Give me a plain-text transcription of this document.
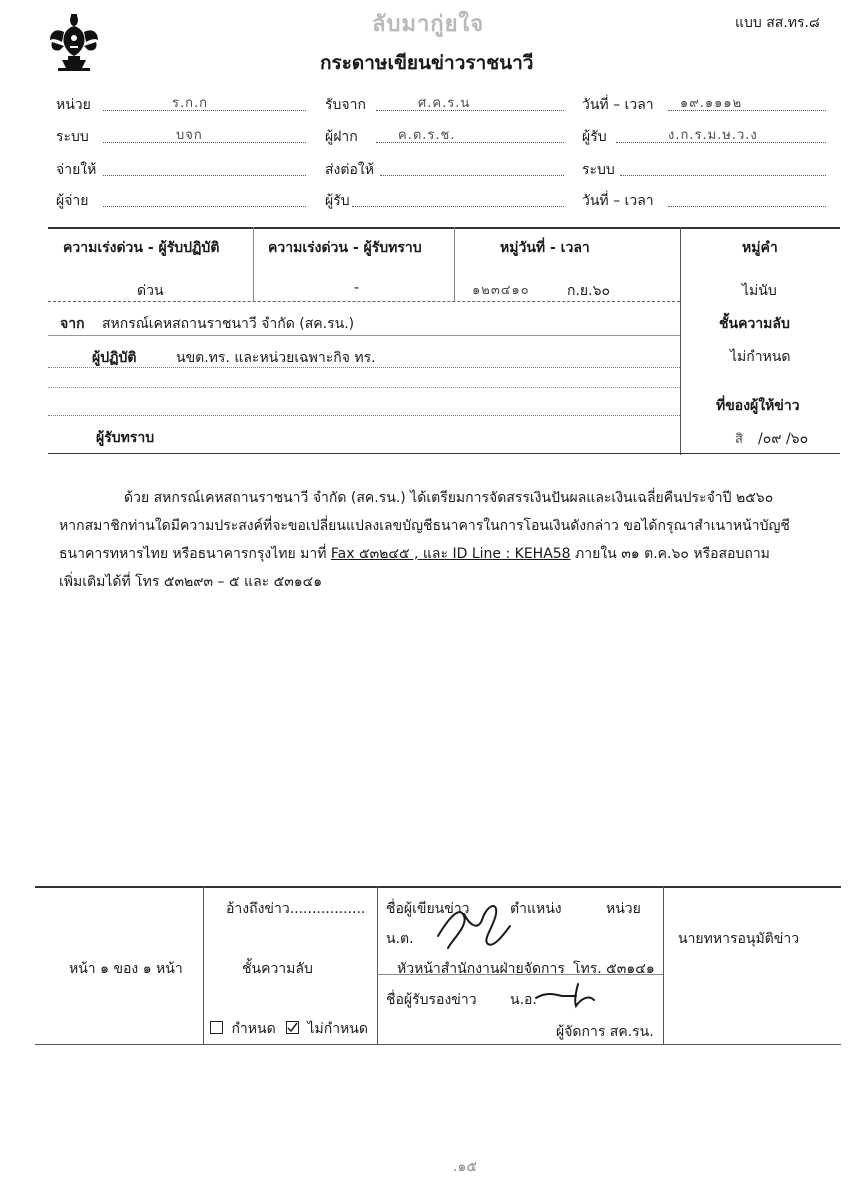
ลับมากู่ยใจ	แบบ สส.ทร.๘
กระดาษเขียนข่าวราชนาวี
หน่วย	ร.ก.ก	รับจาก	ศ.ค.ร.น	วันที่ – เวลา ๑๙.๑๑๑๒
ระบบ	บจก	ผู้ฝาก	ค.ต.ร.ช.	ผู้รับ	ง.ก.ร.ม.ษ.ว.ง
จ่ายให้	ส่งต่อให้	ระบบ
ผู้จ่าย	ผู้รับ	วันที่ – เวลา
ความเร่งด่วน - ผู้รับปฏิบัติ	ความเร่งด่วน - ผู้รับทราบ	หมู่วันที่ - เวลา	หมู่คำ
ด่วน	-	๑๒๓๔๑๐	ก.ย.๖๐	ไม่นับ
จาก สหกรณ์เคหสถานราชนาวี จำกัด (สค.รน.)
ผู้ปฏิบัติ	นขต.ทร. และหน่วยเฉพาะกิจ ทร.
ผู้รับทราบ
ชั้นความลับ
ไม่กำหนด
ที่ของผู้ให้ข่าว
สิ /๐๙ /๖๐
ด้วย สหกรณ์เคหสถานราชนาวี จำกัด (สค.รน.) ได้เตรียมการจัดสรรเงินปันผลและเงินเฉลี่ยคืนประจำปี ๒๕๖๐
หากสมาชิกท่านใดมีความประสงค์ที่จะขอเปลี่ยนแปลงเลขบัญชีธนาคารในการโอนเงินดังกล่าว ขอได้กรุณาสำเนาหน้าบัญชี
ธนาคารทหารไทย หรือธนาคารกรุงไทย มาที่ Fax ๕๓๒๔๕ , และ ID Line : KEHA58 ภายใน ๓๑ ต.ค.๖๐ หรือสอบถาม
เพิ่มเติมได้ที่ โทร ๕๓๒๙๓ – ๕ และ ๕๓๑๔๑
หน้า ๑ ของ ๑ หน้า
อ้างถึงข่าว.................
ชั้นความลับ
กำหนด	ไม่กำหนด
ชื่อผู้เขียนข่าว	ตำแหน่ง	หน่วย
น.ต.
หัวหน้าสำนักงานฝ่ายจัดการ โทร. ๕๓๑๔๑
ชื่อผู้รับรองข่าว น.อ.
ผู้จัดการ สค.รน.
นายทหารอนุมัติข่าว
.๑๕
